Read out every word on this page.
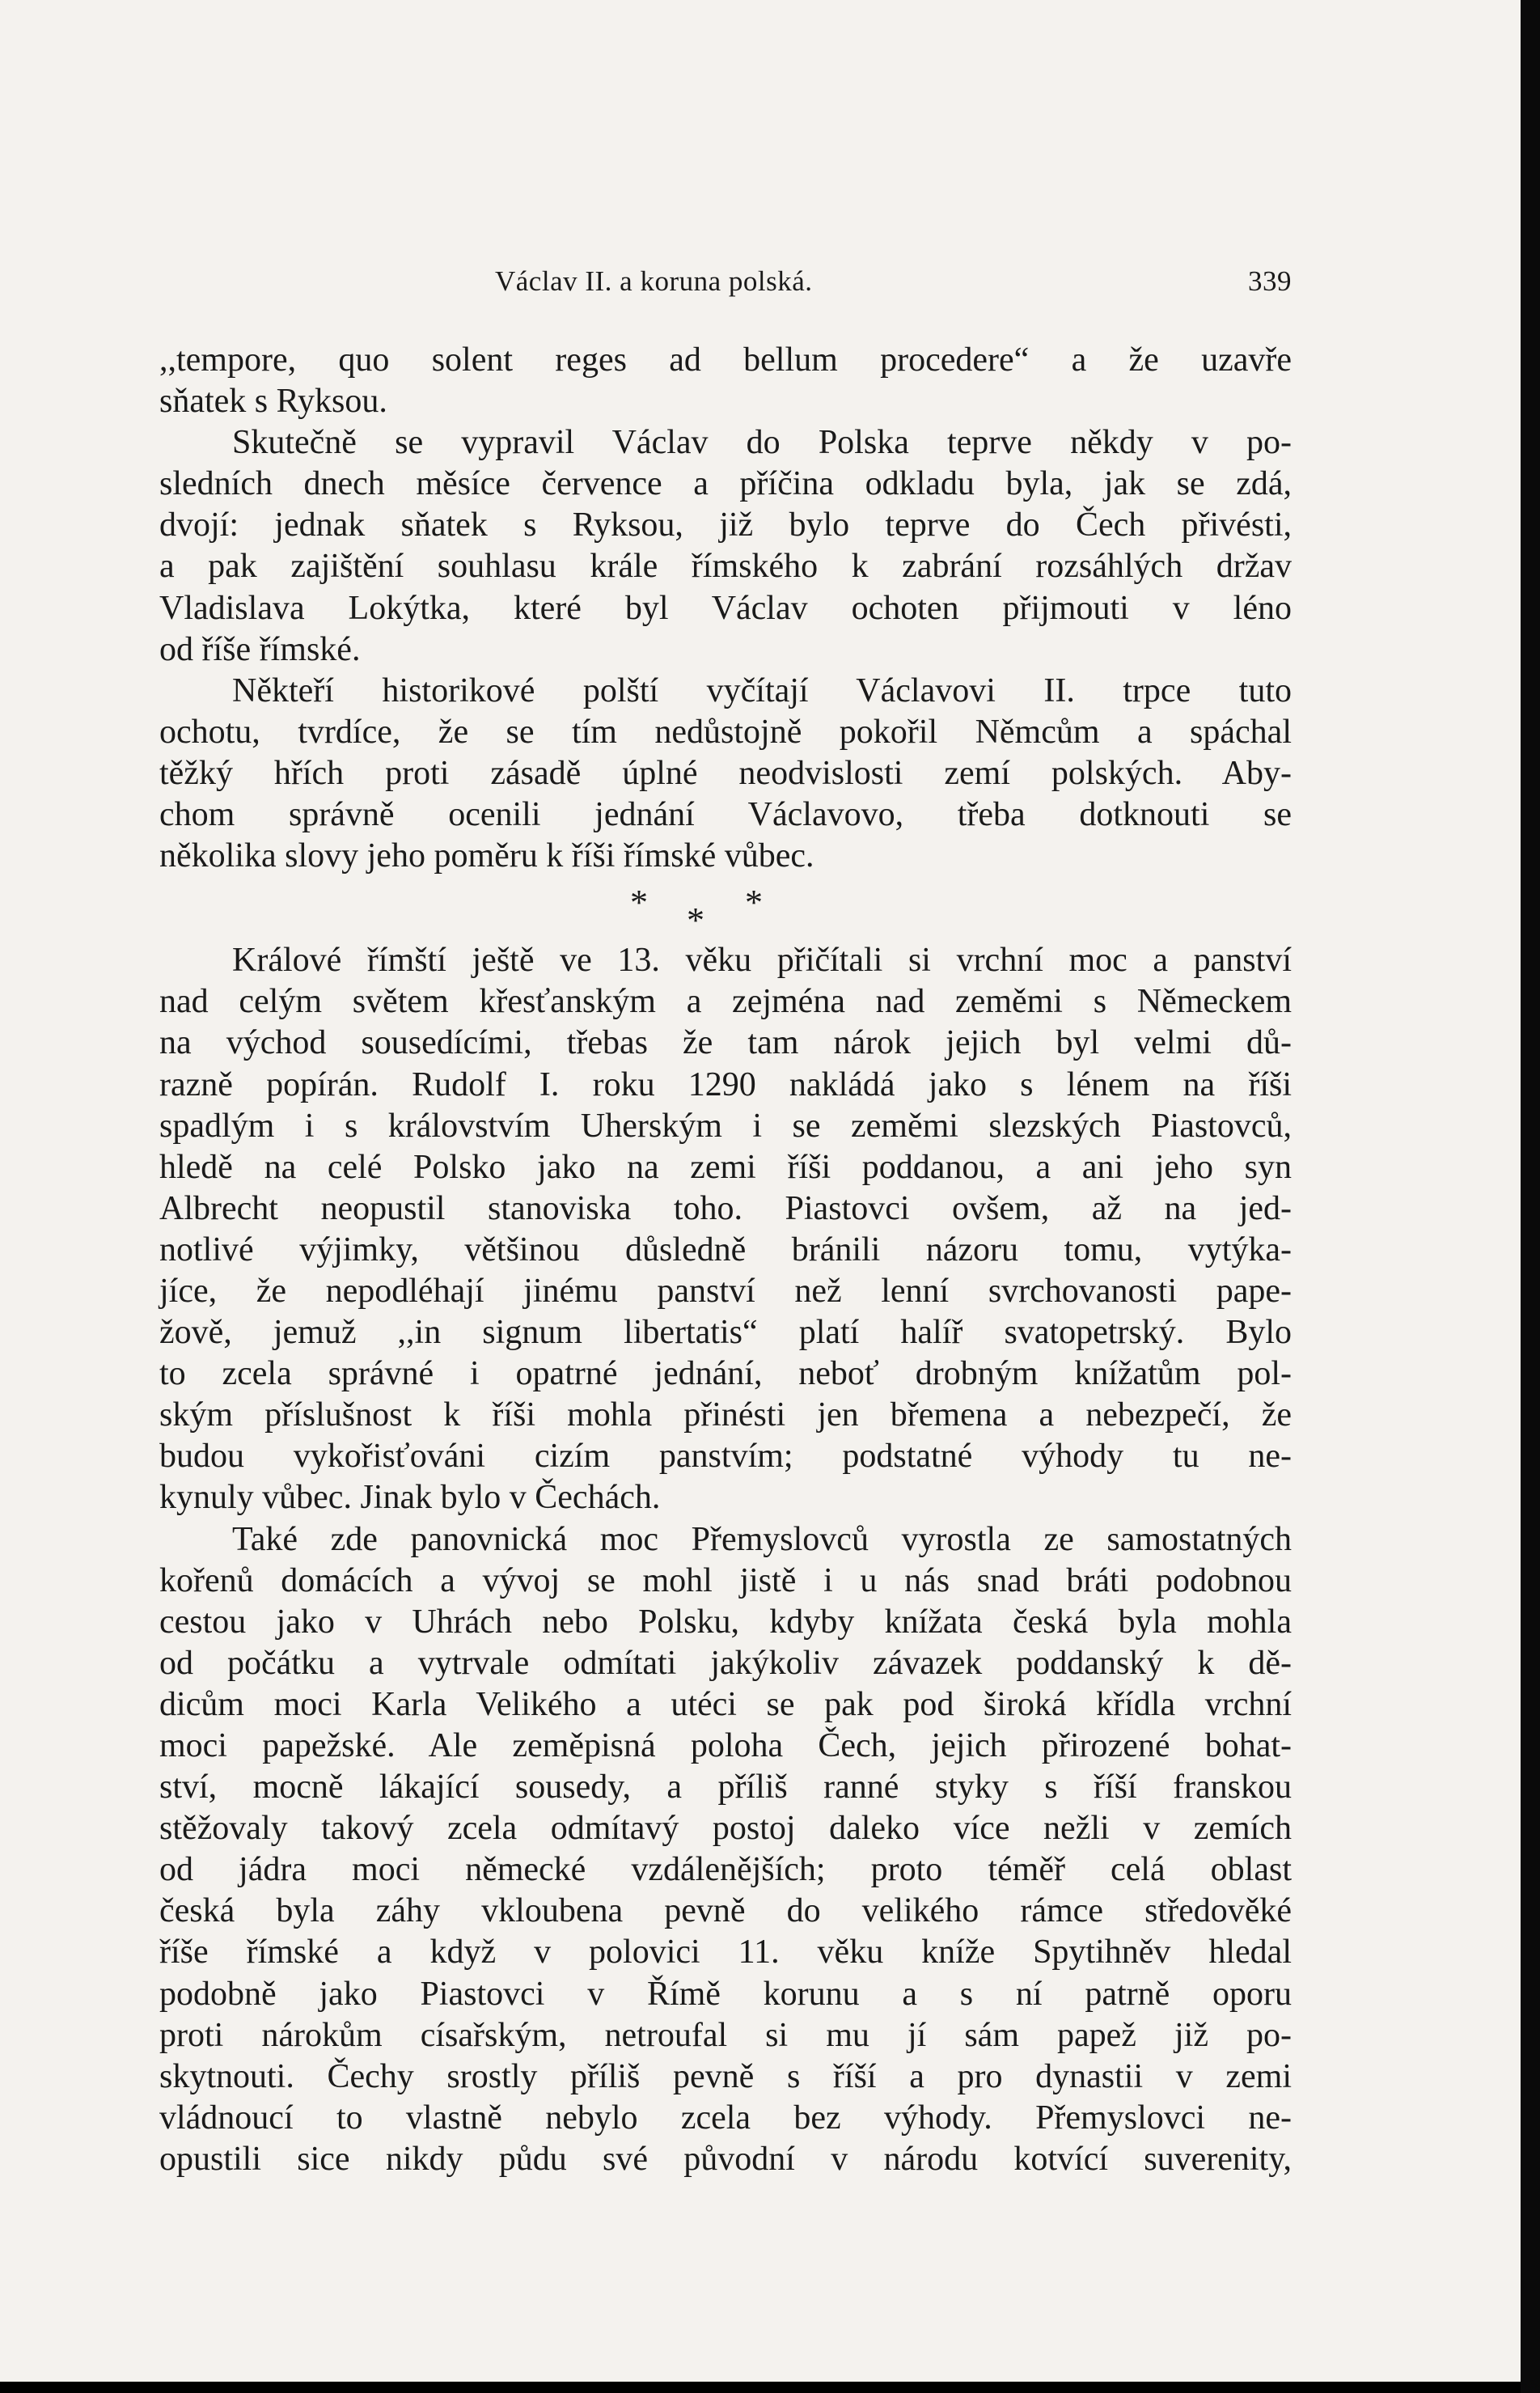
Václav II. a koruna polská.	339
,,tempore, quo solent reges ad bellum procedere“ a že uzavře
sňatek s Ryksou.
Skutečně se vypravil Václav do Polska teprve někdy v po-
sledních dnech měsíce července a příčina odkladu byla, jak se zdá,
dvojí: jednak sňatek s Ryksou, již bylo teprve do Čech přivésti,
a pak zajištění souhlasu krále římského k zabrání rozsáhlých držav
Vladislava Lokýtka, které byl Václav ochoten přijmouti v léno
od říše římské.
Někteří historikové polští vyčítají Václavovi II. trpce tuto
ochotu, tvrdíce, že se tím nedůstojně pokořil Němcům a spáchal
těžký hřích proti zásadě úplné neodvislosti zemí polských. Aby-
chom správně ocenili jednání Václavovo, třeba dotknouti se
několika slovy jeho poměru k říši římské vůbec.
* * *
Králové římští ještě ve 13. věku přičítali si vrchní moc a panství
nad celým světem křesťanským a zejména nad zeměmi s Německem
na východ sousedícími, třebas že tam nárok jejich byl velmi dů-
razně popírán. Rudolf I. roku 1290 nakládá jako s lénem na říši
spadlým i s královstvím Uherským i se zeměmi slezských Piastovců,
hledě na celé Polsko jako na zemi říši poddanou, a ani jeho syn
Albrecht neopustil stanoviska toho. Piastovci ovšem, až na jed-
notlivé výjimky, většinou důsledně bránili názoru tomu, vytýka-
jíce, že nepodléhají jinému panství než lenní svrchovanosti pape-
žově, jemuž ,,in signum libertatis“ platí halíř svatopetrský. Bylo
to zcela správné i opatrné jednání, neboť drobným knížatům pol-
ským příslušnost k říši mohla přinésti jen břemena a nebezpečí, že
budou vykořisťováni cizím panstvím; podstatné výhody tu ne-
kynuly vůbec. Jinak bylo v Čechách.
Také zde panovnická moc Přemyslovců vyrostla ze samostatných
kořenů domácích a vývoj se mohl jistě i u nás snad bráti podobnou
cestou jako v Uhrách nebo Polsku, kdyby knížata česká byla mohla
od počátku a vytrvale odmítati jakýkoliv závazek poddanský k dě-
dicům moci Karla Velikého a utéci se pak pod široká křídla vrchní
moci papežské. Ale zeměpisná poloha Čech, jejich přirozené bohat-
ství, mocně lákající sousedy, a příliš ranné styky s říší franskou
stěžovaly takový zcela odmítavý postoj daleko více nežli v zemích
od jádra moci německé vzdálenějších; proto téměř celá oblast
česká byla záhy vkloubena pevně do velikého rámce středověké
říše římské a když v polovici 11. věku kníže Spytihněv hledal
podobně jako Piastovci v Římě korunu a s ní patrně oporu
proti nárokům císařským, netroufal si mu jí sám papež již po-
skytnouti. Čechy srostly příliš pevně s říší a pro dynastii v zemi
vládnoucí to vlastně nebylo zcela bez výhody. Přemyslovci ne-
opustili sice nikdy půdu své původní v národu kotvící suverenity,
